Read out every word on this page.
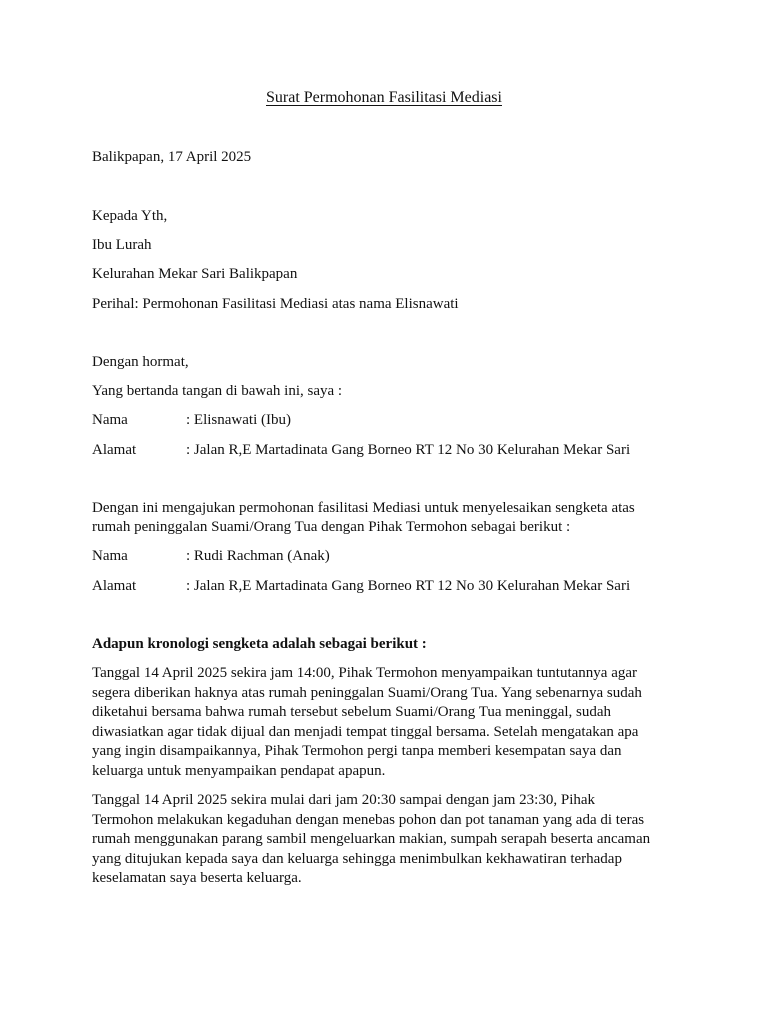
Surat Permohonan Fasilitasi Mediasi
Balikpapan, 17 April 2025
Kepada Yth,
Ibu Lurah
Kelurahan Mekar Sari Balikpapan
Perihal: Permohonan Fasilitasi Mediasi atas nama Elisnawati
Dengan hormat,
Yang bertanda tangan di bawah ini, saya :
Nama	: Elisnawati (Ibu)
Alamat	: Jalan R,E Martadinata Gang Borneo RT 12 No 30 Kelurahan Mekar Sari
Dengan ini mengajukan permohonan fasilitasi Mediasi untuk menyelesaikan sengketa atas
rumah peninggalan Suami/Orang Tua dengan Pihak Termohon sebagai berikut :
Nama	: Rudi Rachman (Anak)
Alamat	: Jalan R,E Martadinata Gang Borneo RT 12 No 30 Kelurahan Mekar Sari
Adapun kronologi sengketa adalah sebagai berikut :
Tanggal 14 April 2025 sekira jam 14:00, Pihak Termohon menyampaikan tuntutannya agar
segera diberikan haknya atas rumah peninggalan Suami/Orang Tua. Yang sebenarnya sudah
diketahui bersama bahwa rumah tersebut sebelum Suami/Orang Tua meninggal, sudah
diwasiatkan agar tidak dijual dan menjadi tempat tinggal bersama. Setelah mengatakan apa
yang ingin disampaikannya, Pihak Termohon pergi tanpa memberi kesempatan saya dan
keluarga untuk menyampaikan pendapat apapun.
Tanggal 14 April 2025 sekira mulai dari jam 20:30 sampai dengan jam 23:30, Pihak
Termohon melakukan kegaduhan dengan menebas pohon dan pot tanaman yang ada di teras
rumah menggunakan parang sambil mengeluarkan makian, sumpah serapah beserta ancaman
yang ditujukan kepada saya dan keluarga sehingga menimbulkan kekhawatiran terhadap
keselamatan saya beserta keluarga.
